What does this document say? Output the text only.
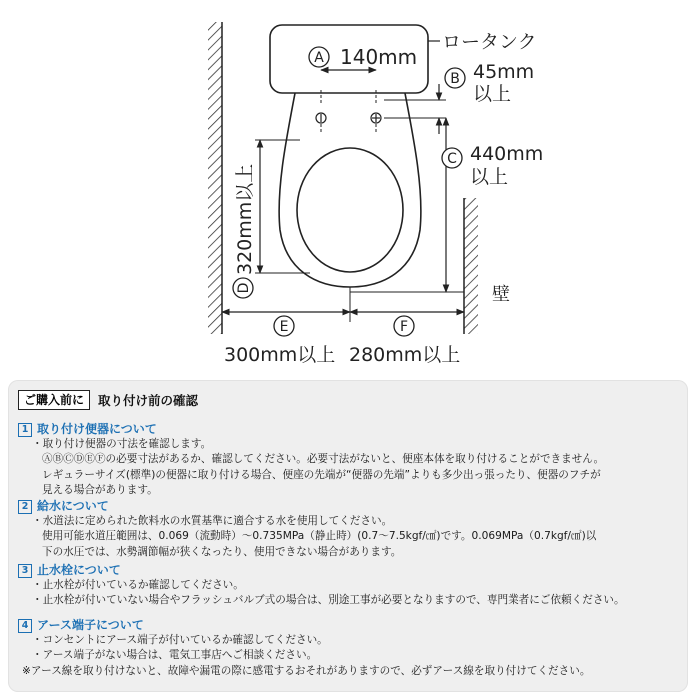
A 140mm
ロータンク
B 45mm
以上
C 440mm
以上
D
320mm以上
壁
E	F
300mm以上 280mm以上
ご購入前に	取り付け前の確認
1 取り付け便器について
・取り付け便器の寸法を確認します。
ⒶⒷⒸⒹⒺⒻの必要寸法があるか、確認してください。必要寸法がないと、便座本体を取り付けることができません。
レギュラーサイズ(標準)の便器に取り付ける場合、便座の先端が“便器の先端”よりも多少出っ張ったり、便器のフチが
見える場合があります。
2 給水について
・水道法に定められた飲料水の水質基準に適合する水を使用してください。
使用可能水道圧範囲は、0.069（流動時）～0.735MPa（静止時）(0.7～7.5kgf/㎠)です。0.069MPa（0.7kgf/㎠)以
下の水圧では、水勢調節幅が狭くなったり、使用できない場合があります。
3 止水栓について
・止水栓が付いているか確認してください。
・止水栓が付いていない場合やフラッシュバルブ式の場合は、別途工事が必要となりますので、専門業者にご依頼ください。
4 アース端子について
・コンセントにアース端子が付いているか確認してください。
・アース端子がない場合は、電気工事店へご相談ください。
※アース線を取り付けないと、故障や漏電の際に感電するおそれがありますので、必ずアース線を取り付けてください。
